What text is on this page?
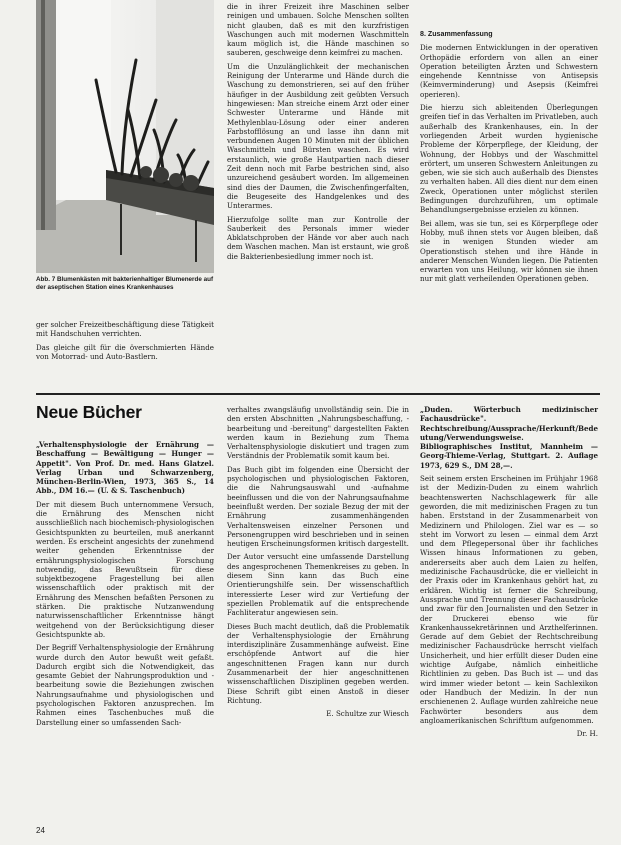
Abb. 7 Blumenkästen mit bakterienhaltiger Blumenerde auf der aseptischen Station eines Krankenhauses

ger solcher Freizeitbeschäftigung diese Tätigkeit mit Handschuhen verrichten.

Das gleiche gilt für die överschmierten Hände von Motorrad- und Auto-Bastlern.

die in ihrer Freizeit ihre Maschinen selber reinigen und umbauen. Solche Menschen sollten nicht glauben, daß es mit den kurzfristigen Waschungen auch mit modernen Waschmitteln kaum möglich ist, die Hände maschinen so sauberen, geschweige denn keimfrei zu machen.

Um die Unzulänglichkeit der mechanischen Reinigung der Unterarme und Hände durch die Waschung zu demonstrieren, sei auf den früher häufiger in der Ausbildung zeit geübten Versuch hingewiesen: Man streiche einem Arzt oder einer Schwester Unterarme und Hände mit Methylenblau-Lösung oder einer anderen Farbstofflösung an und lasse ihn dann mit verbundenen Augen 10 Minuten mit der üblichen Waschmitteln und Bürsten waschen. Es wird erstaunlich, wie große Hautpartien nach dieser Zeit denn noch mit Farbe bestrichen sind, also unzureichend gesäubert worden. Im allgemeinen sind dies der Daumen, die Zwischenfingerfalten, die Beugeseite des Handgelenkes und des Unterarmes.

Hierzufolge sollte man zur Kontrolle der Sauberkeit des Personals immer wieder Abklatschproben der Hände vor aber auch nach dem Waschen machen. Man ist erstaunt, wie groß die Bakterienbesiedlung immer noch ist.

8. Zusammenfassung

Die modernen Entwicklungen in der operativen Orthopädie erfordern von allen an einer Operation beteiligten Ärzten und Schwestern eingehende Kenntnisse von Antisepsis (Keimverminderung) und Asepsis (Keimfrei operieren).

Die hierzu sich ableitenden Überlegungen greifen tief in das Verhalten im Privatleben, auch außerhalb des Krankenhauses, ein. In der vorliegenden Arbeit wurden hygienische Probleme der Körperpflege, der Kleidung, der Wohnung, der Hobbys und der Waschmittel erörtert, um unseren Schwestern Anleitungen zu geben, wie sie sich auch außerhalb des Dienstes zu verhalten haben. All dies dient nur dem einen Zweck, Operationen unter möglichst sterilen Bedingungen durchzuführen, um optimale Behandlungsergebnisse erzielen zu können.

Bei allem, was sie tun, sei es Körperpflege oder Hobby, muß ihnen stets vor Augen bleiben, daß sie in wenigen Stunden wieder am Operationstisch stehen und ihre Hände in anderer Menschen Wunden liegen. Die Patienten erwarten von uns Heilung, wir können sie ihnen nur mit glatt verheilenden Operationen geben.

Neue Bücher

„Verhaltensphysiologie der Ernährung — Beschaffung — Bewältigung — Hunger — Appetit". Von Prof. Dr. med. Hans Glatzel. Verlag Urban und Schwarzenberg, München-Berlin-Wien, 1973, 365 S., 14 Abb., DM 16.— (U. & S. Taschenbuch)

Der mit diesem Buch unternommene Versuch, die Ernährung des Menschen nicht ausschließlich nach biochemisch-physiologischen Gesichtspunkten zu beurteilen, muß anerkannt werden. Es erscheint angesichts der zunehmend weiter gehenden Erkenntnisse der ernährungsphysiologischen Forschung notwendig, das Bewußtsein für diese subjektbezogene Fragestellung bei allen wissenschaftlich oder praktisch mit der Ernährung des Menschen befaßten Personen zu stärken. Die praktische Nutzanwendung naturwissenschaftlicher Erkenntnisse hängt weitgehend von der Berücksichtigung dieser Gesichtspunkte ab.

Der Begriff Verhaltensphysiologie der Ernährung wurde durch den Autor bewußt weit gefaßt. Dadurch ergibt sich die Notwendigkeit, das gesamte Gebiet der Nahrungsproduktion und -bearbeitung sowie die Beziehungen zwischen Nahrungsaufnahme und physiologischen und psychologischen Faktoren anzusprechen. Im Rahmen eines Taschenbuches muß die Darstellung einer so umfassenden Sach-

verhaltes zwangsläufig unvollständig sein. Die in den ersten Abschnitten „Nahrungsbeschaffung, -bearbeitung und -bereitung" dargestellten Fakten werden kaum in Beziehung zum Thema Verhaltensphysiologie diskutiert und tragen zum Verständnis der Problematik somit kaum bei.

Das Buch gibt im folgenden eine Übersicht der psychologischen und physiologischen Faktoren, die die Nahrungsauswahl und -aufnahme beeinflussen und die von der Nahrungsaufnahme beeinflußt werden. Der soziale Bezug der mit der Ernährung zusammenhängenden Verhaltensweisen einzelner Personen und Personengruppen wird beschrieben und in seinen heutigen Erscheinungsformen kritisch dargestellt.

Der Autor versucht eine umfassende Darstellung des angesprochenen Themenkreises zu geben. In diesem Sinn kann das Buch eine Orientierungshilfe sein. Der wissenschaftlich interessierte Leser wird zur Vertiefung der speziellen Problematik auf die entsprechende Fachliteratur angewiesen sein.

Dieses Buch macht deutlich, daß die Problematik der Verhaltensphysiologie der Ernährung interdisziplinäre Zusammenhänge aufweist. Eine erschöpfende Antwort auf die hier angeschnittenen Fragen kann nur durch Zusammenarbeit der hier angeschnittenen wissenschaftlichen Disziplinen gegeben werden. Diese Schrift gibt einen Anstoß in dieser Richtung.

E. Schultze zur Wiesch

„Duden. Wörterbuch medizinischer Fachausdrücke". Rechtschreibung/Aussprache/Herkunft/Bedeutung/Verwendungsweise. Bibliographisches Institut, Mannheim — Georg-Thieme-Verlag, Stuttgart. 2. Auflage 1973, 629 S., DM 28,—.

Seit seinem ersten Erscheinen im Frühjahr 1968 ist der Medizin-Duden zu einem wahrlich beachtenswerten Nachschlagewerk für alle geworden, die mit medizinischen Fragen zu tun haben. Erststand in der Zusammenarbeit von Medizinern und Philologen. Ziel war es — so steht im Vorwort zu lesen — einmal dem Arzt und dem Pflegepersonal über ihr fachliches Wissen hinaus Informationen zu geben, andererseits aber auch dem Laien zu helfen, medizinische Fachausdrücke, die er vielleicht in der Praxis oder im Krankenhaus gehört hat, zu erklären. Wichtig ist ferner die Schreibung, Aussprache und Trennung dieser Fachausdrücke und zwar für den Journalisten und den Setzer in der Druckerei ebenso wie für Krankenhaussekretärinnen und Arzthelferinnen. Gerade auf dem Gebiet der Rechtschreibung medizinischer Fachausdrücke herrscht vielfach Unsicherheit, und hier erfüllt dieser Duden eine wichtige Aufgabe, nämlich einheitliche Richtlinien zu geben. Das Buch ist — und das wird immer wieder betont — kein Sachlexikon oder Handbuch der Medizin. In der nun erschienenen 2. Auflage wurden zahlreiche neue Fachwörter besonders aus dem angloamerikanischen Schrifttum aufgenommen.

Dr. H.

24
